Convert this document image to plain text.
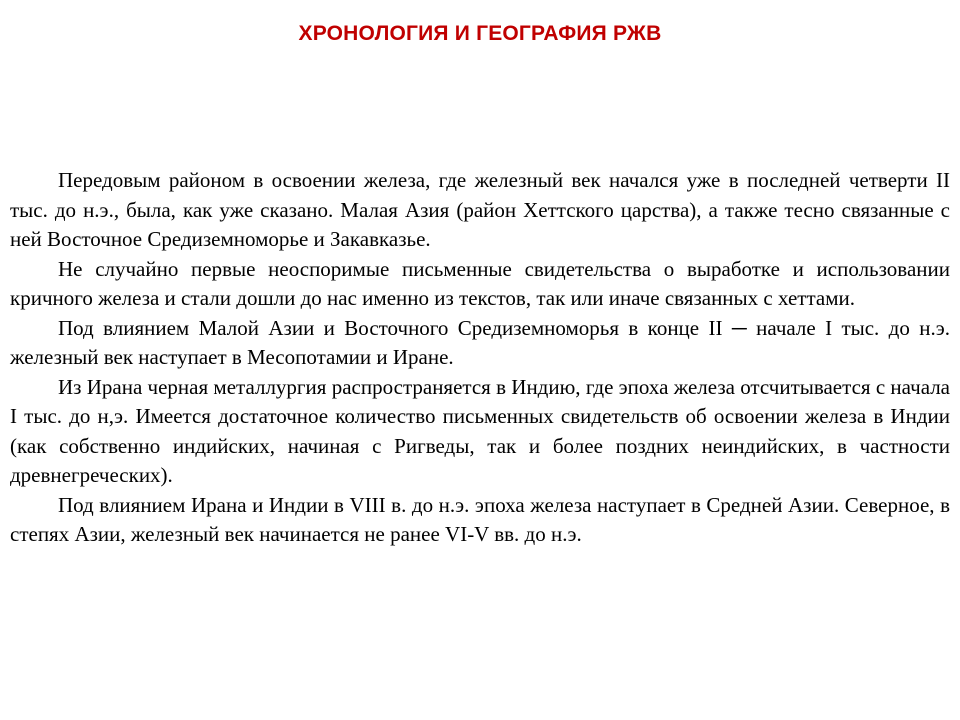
ХРОНОЛОГИЯ И ГЕОГРАФИЯ РЖВ

Передовым районом в освоении железа, где железный век начался уже в последней четверти II тыс. до н.э., была, как уже сказано. Малая Азия (район Хеттского царства), а также тесно связанные с ней Восточное Средиземноморье и Закавказье.

Не случайно первые неоспоримые письменные свидетельства о выработке и использовании кричного железа и стали дошли до нас именно из текстов, так или иначе связанных с хеттами.

Под влиянием Малой Азии и Восточного Средиземноморья в конце II ─ начале I тыс. до н.э. железный век наступает в Месопотамии и Иране.

Из Ирана черная металлургия распространяется в Индию, где эпоха железа отсчитывается с начала I тыс. до н,э. Имеется достаточное количество письменных свидетельств об освоении железа в Индии (как собственно индийских, начиная с Ригведы, так и более поздних неиндийских, в частности древнегреческих).

Под влиянием Ирана и Индии в VIII в. до н.э. эпоха железа наступает в Средней Азии. Северное, в степях Азии, железный век начинается не ранее VI-V вв. до н.э.
